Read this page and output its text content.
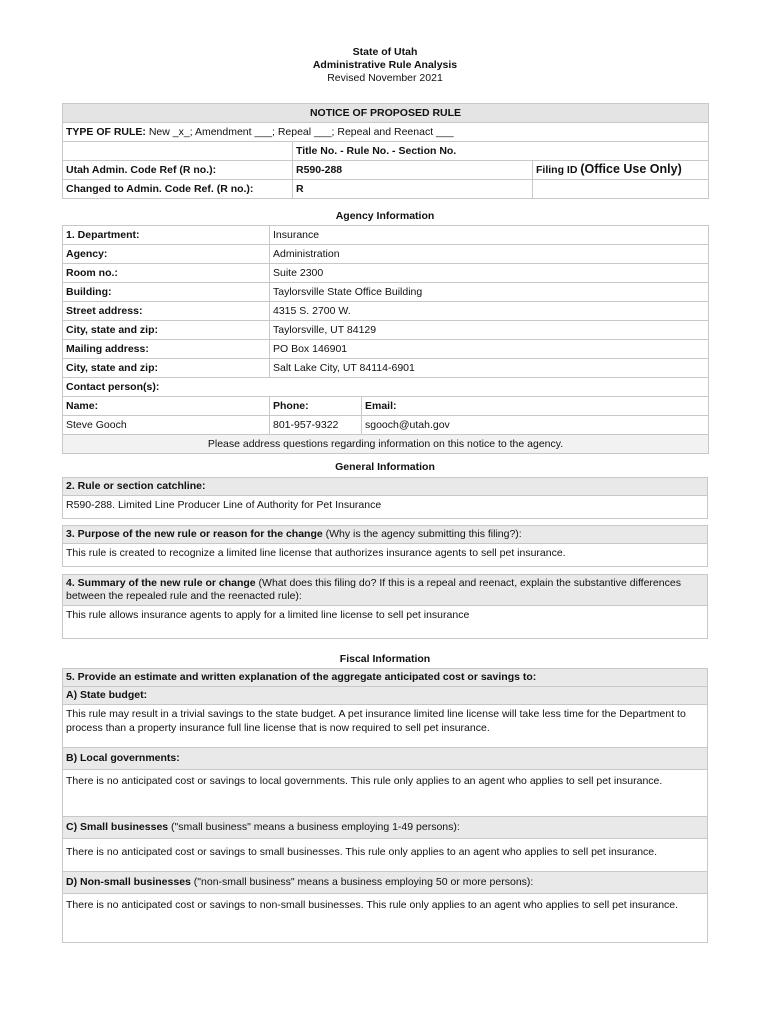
State of Utah
Administrative Rule Analysis
Revised November 2021
NOTICE OF PROPOSED RULE		
TYPE OF RULE: New _x_; Amendment ___; Repeal ___; Repeal and Reenact ___		
	Title No. - Rule No. - Section No.	
Utah Admin. Code Ref (R no.):	R590-288	Filing ID (Office Use Only)
Changed to Admin. Code Ref. (R no.):	R	
Agency Information
1. Department:	Insurance	
Agency:	Administration	
Room no.:	Suite 2300	
Building:	Taylorsville State Office Building	
Street address:	4315 S. 2700 W.	
City, state and zip:	Taylorsville, UT 84129	
Mailing address:	PO Box 146901	
City, state and zip:	Salt Lake City, UT 84114-6901	
Contact person(s):		
Name:	Phone:	Email:
Steve Gooch	801-957-9322	sgooch@utah.gov
Please address questions regarding information on this notice to the agency.		
General Information
2. Rule or section catchline:
R590-288. Limited Line Producer Line of Authority for Pet Insurance
3. Purpose of the new rule or reason for the change (Why is the agency submitting this filing?):
This rule is created to recognize a limited line license that authorizes insurance agents to sell pet insurance.
4. Summary of the new rule or change (What does this filing do? If this is a repeal and reenact, explain the substantive differences between the repealed rule and the reenacted rule):
This rule allows insurance agents to apply for a limited line license to sell pet insurance
Fiscal Information
5. Provide an estimate and written explanation of the aggregate anticipated cost or savings to:
A) State budget:
This rule may result in a trivial savings to the state budget. A pet insurance limited line license will take less time for the Department to process than a property insurance full line license that is now required to sell pet insurance.
B) Local governments:
There is no anticipated cost or savings to local governments. This rule only applies to an agent who applies to sell pet insurance.
C) Small businesses ("small business" means a business employing 1-49 persons):
There is no anticipated cost or savings to small businesses. This rule only applies to an agent who applies to sell pet insurance.
D) Non-small businesses ("non-small business" means a business employing 50 or more persons):
There is no anticipated cost or savings to non-small businesses. This rule only applies to an agent who applies to sell pet insurance.
